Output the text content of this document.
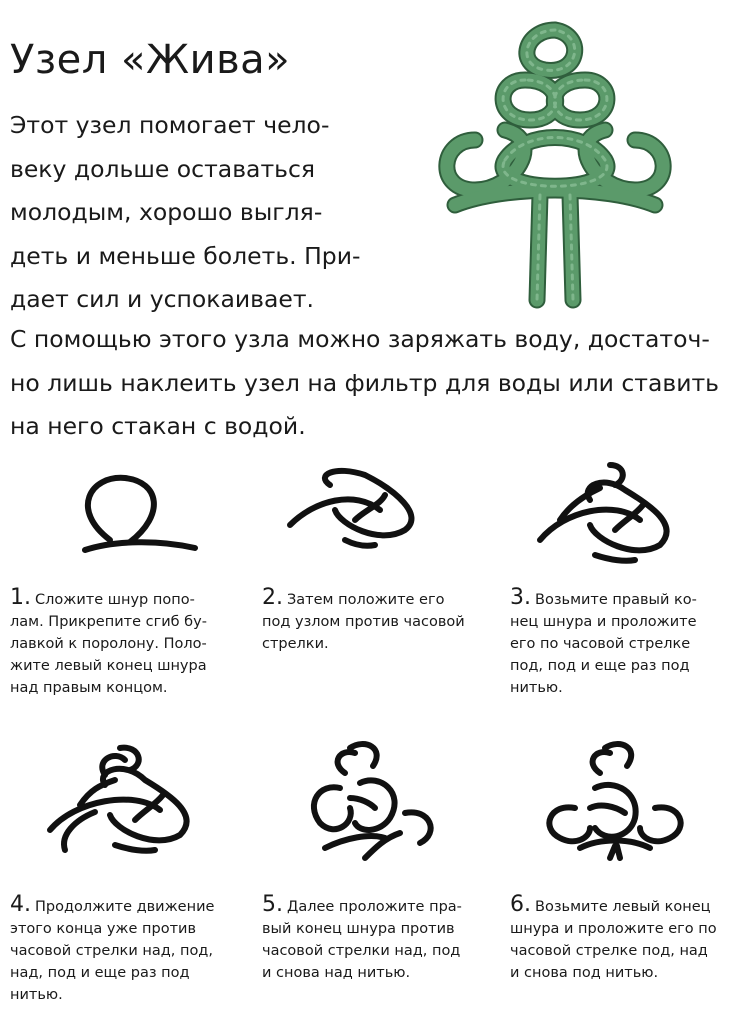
Узел «Жива»
Этот узел помогает чело-
веку дольше оставаться
молодым, хорошо выгля-
деть и меньше болеть. При-
дает сил и успокаивает.
С помощью этого узла можно заряжать воду, достаточ-
но лишь наклеить узел на фильтр для воды или ставить
на него стакан с водой.
1. Сложите шнур попо-
лам. Прикрепите сгиб бу-
лавкой к поролону. Поло-
жите левый конец шнура
над правым концом.
2. Затем положите его
под узлом против часовой
стрелки.
3. Возьмите правый ко-
нец шнура и проложите
его по часовой стрелке
под, под и еще раз под
нитью.
4. Продолжите движение
этого конца уже против
часовой стрелки над, под,
над, под и еще раз под
нитью.
5. Далее проложите пра-
вый конец шнура против
часовой стрелки над, под
и снова над нитью.
6. Возьмите левый конец
шнура и проложите его по
часовой стрелке под, над
и снова под нитью.
